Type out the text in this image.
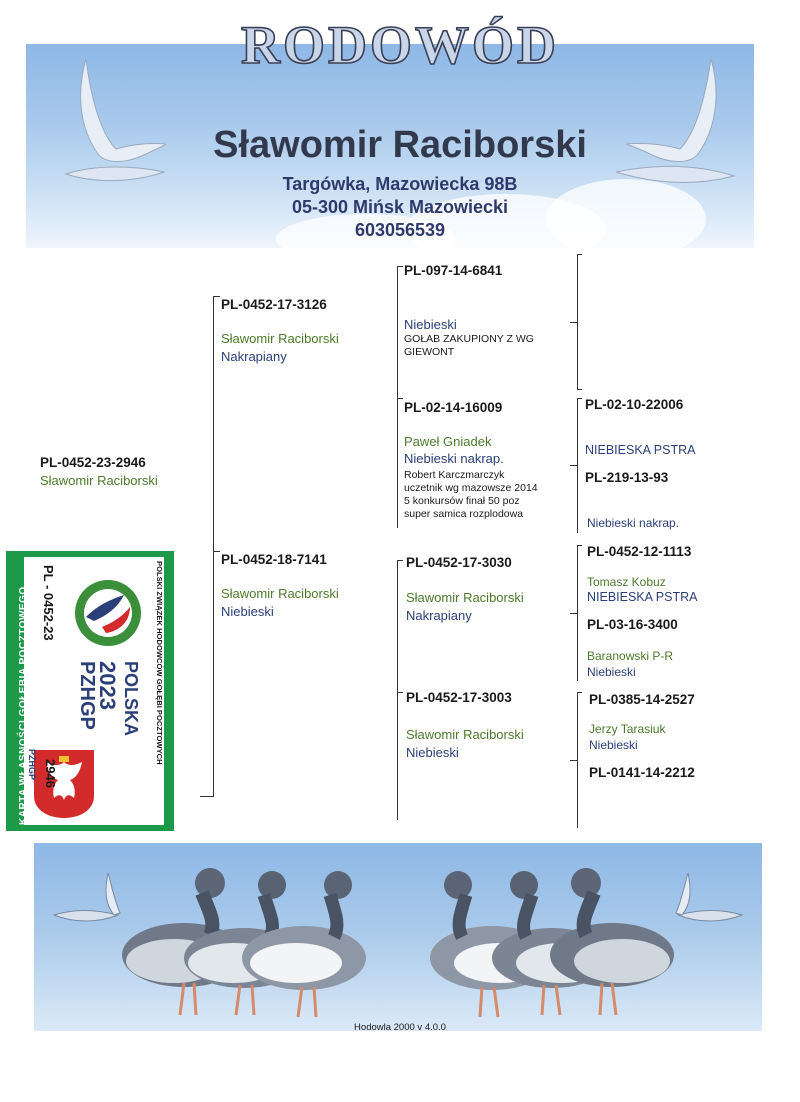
RODOWÓD
Sławomir Raciborski
Targówka, Mazowiecka 98B
05-300 Mińsk Mazowiecki
603056539
PL-0452-23-2946
Sławomir Raciborski
PL-0452-17-3126
Sławomir Raciborski
Nakrapiany
PL-0452-18-7141
Sławomir Raciborski
Niebieski
PL-097-14-6841
Niebieski
GOŁAB ZAKUPIONY Z WG
GIEWONT
PL-02-14-16009
Paweł Gniadek
Niebieski nakrap.
Robert Karczmarczyk
uczetnik wg mazowsze 2014
5 konkursów finał 50 poz
super samica rozplodowa
PL-0452-17-3030
Sławomir Raciborski
Nakrapiany
PL-0452-17-3003
Sławomir Raciborski
Niebieski
PL-02-10-22006
NIEBIESKA PSTRA
PL-219-13-93
Niebieski nakrap.
PL-0452-12-1113
Tomasz Kobuz
NIEBIESKA PSTRA
PL-03-16-3400
Baranowski P-R
Niebieski
PL-0385-14-2527
Jerzy Tarasiuk
Niebieski
PL-0141-14-2212
PZHGP
KARTA WŁASNOŚCI GOŁĘBIA POCZTOWEGO	POLSKI ZWIĄZEK HODOWCÓW GOŁĘBI POCZTOWYCH
PL - 0452-23
2946
POLSKA
2023
PZHGP
Hodowla 2000 v 4.0.0
